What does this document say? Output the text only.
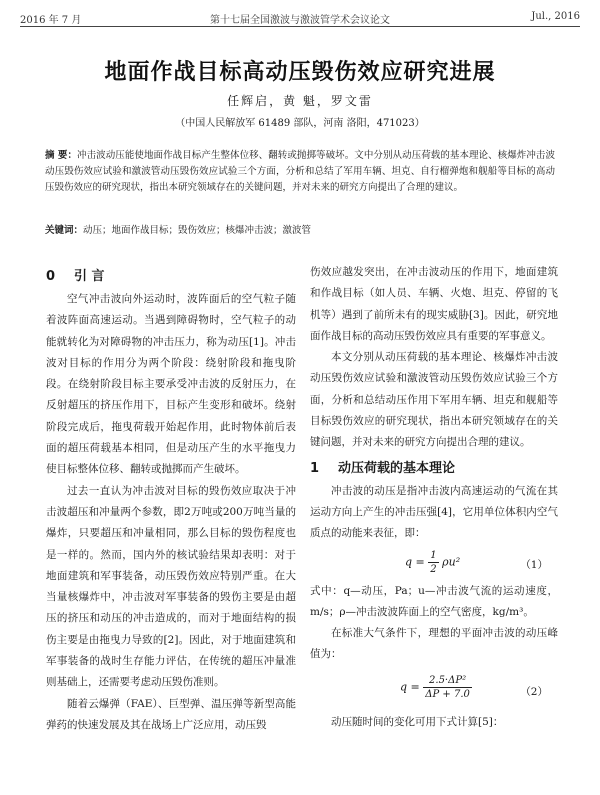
2016 年 7 月	第十七届全国激波与激波管学术会议论文	Jul., 2016
地面作战目标高动压毁伤效应研究进展
任辉启，黄 魁，罗文雷
（中国人民解放军 61489 部队，河南 洛阳，471023）
摘 要：冲击波动压能使地面作战目标产生整体位移、翻转或抛掷等破坏。文中分别从动压荷载的基本理论、核爆炸冲击波动压毁伤效应试验和激波管动压毁伤效应试验三个方面，分析和总结了军用车辆、坦克、自行榴弹炮和舰船等目标的高动压毁伤效应的研究现状，指出本研究领域存在的关键问题，并对未来的研究方向提出了合理的建议。
关键词：动压；地面作战目标；毁伤效应；核爆冲击波；激波管
0 引 言

空气冲击波向外运动时，波阵面后的空气粒子随着波阵面高速运动。当遇到障碍物时，空气粒子的动能就转化为对障碍物的冲击压力，称为动压[1]。冲击波对目标的作用分为两个阶段：绕射阶段和拖曳阶段。在绕射阶段目标主要承受冲击波的反射压力，在反射超压的挤压作用下，目标产生变形和破坏。绕射阶段完成后，拖曳荷载开始起作用，此时物体前后表面的超压荷载基本相同，但是动压产生的水平拖曳力使目标整体位移、翻转或抛掷而产生破坏。

过去一直认为冲击波对目标的毁伤效应取决于冲击波超压和冲量两个参数，即2万吨或200万吨当量的爆炸，只要超压和冲量相同，那么目标的毁伤程度也是一样的。然而，国内外的核试验结果却表明：对于地面建筑和军事装备，动压毁伤效应特别严重。在大当量核爆炸中，冲击波对军事装备的毁伤主要是由超压的挤压和动压的冲击造成的，而对于地面结构的损伤主要是由拖曳力导致的[2]。因此，对于地面建筑和军事装备的战时生存能力评估，在传统的超压冲量准则基础上，还需要考虑动压毁伤准则。

随着云爆弹（FAE）、巨型弹、温压弹等新型高能弹药的快速发展及其在战场上广泛应用，动压毁

伤效应越发突出，在冲击波动压的作用下，地面建筑和作战目标（如人员、车辆、火炮、坦克、停留的飞机等）遇到了前所未有的现实威胁[3]。因此，研究地面作战目标的高动压毁伤效应具有重要的军事意义。

本文分别从动压荷载的基本理论、核爆炸冲击波动压毁伤效应试验和激波管动压毁伤效应试验三个方面，分析和总结动压作用下军用车辆、坦克和舰船等目标毁伤效应的研究现状，指出本研究领域存在的关键问题，并对未来的研究方向提出合理的建议。

1 动压荷载的基本理论

冲击波的动压是指冲击波内高速运动的气流在其运动方向上产生的冲击压强[4]，它用单位体积内空气质点的动能来表征，即：

$q = \frac{1}{2} \rho u^2$	（1）

式中：q—动压，Pa；u—冲击波气流的运动速度，m/s；ρ—冲击波波阵面上的空气密度，kg/m³。

在标准大气条件下，理想的平面冲击波的动压峰值为：

$q = \frac{\text{2.5·ΔP²}}{\Delta P + 7.0}$	（2）

动压随时间的变化可用下式计算[5]：
